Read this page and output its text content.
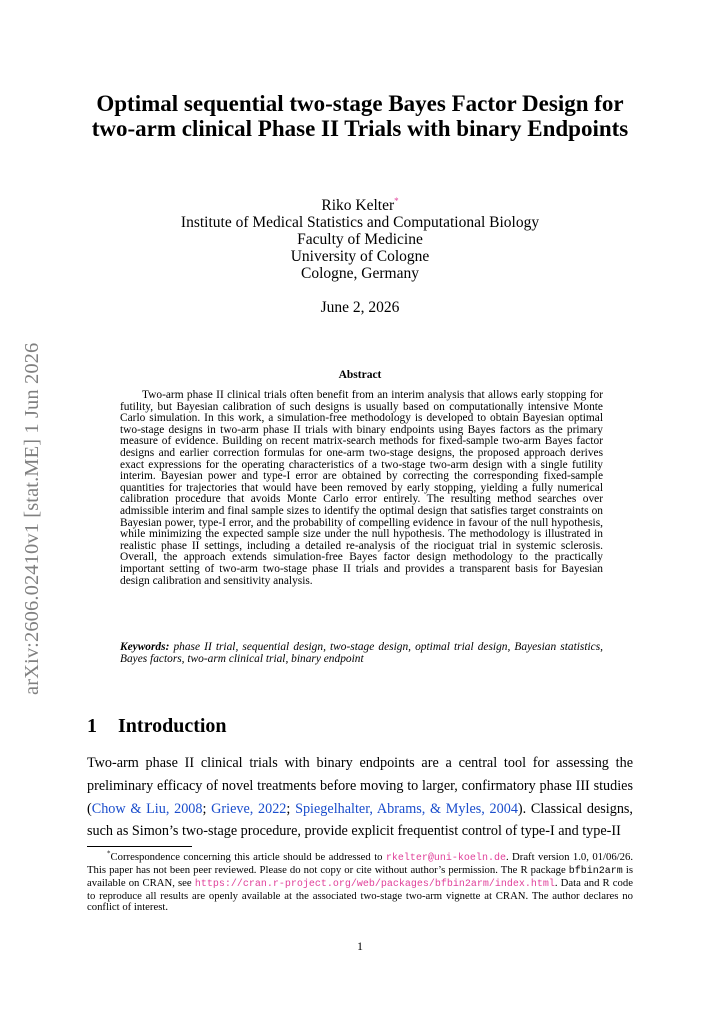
arXiv:2606.02410v1 [stat.ME] 1 Jun 2026
Optimal sequential two-stage Bayes Factor Design for two-arm clinical Phase II Trials with binary Endpoints
Riko Kelter*
Institute of Medical Statistics and Computational Biology
Faculty of Medicine
University of Cologne
Cologne, Germany
June 2, 2026
Abstract
Two-arm phase II clinical trials often benefit from an interim analysis that allows early stopping for futility, but Bayesian calibration of such designs is usually based on computationally intensive Monte Carlo simulation. In this work, a simulation-free methodology is developed to obtain Bayesian optimal two-stage designs in two-arm phase II trials with binary endpoints using Bayes factors as the primary measure of evidence. Building on recent matrix-search methods for fixed-sample two-arm Bayes factor designs and earlier correction formulas for one-arm two-stage designs, the proposed approach derives exact expressions for the operating characteristics of a two-stage two-arm design with a single futility interim. Bayesian power and type-I error are obtained by correcting the corresponding fixed-sample quantities for trajectories that would have been removed by early stopping, yielding a fully numerical calibration procedure that avoids Monte Carlo error entirely. The resulting method searches over admissible interim and final sample sizes to identify the optimal design that satisfies target constraints on Bayesian power, type-I error, and the probability of compelling evidence in favour of the null hypothesis, while minimizing the expected sample size under the null hypothesis. The methodology is illustrated in realistic phase II settings, including a detailed re-analysis of the riociguat trial in systemic sclerosis. Overall, the approach extends simulation-free Bayes factor design methodology to the practically important setting of two-arm two-stage phase II trials and provides a transparent basis for Bayesian design calibration and sensitivity analysis.
Keywords: phase II trial, sequential design, two-stage design, optimal trial design, Bayesian statistics, Bayes factors, two-arm clinical trial, binary endpoint
1 Introduction
Two-arm phase II clinical trials with binary endpoints are a central tool for assessing the preliminary efficacy of novel treatments before moving to larger, confirmatory phase III studies (Chow & Liu, 2008; Grieve, 2022; Spiegelhalter, Abrams, & Myles, 2004). Classical designs, such as Simon’s two-stage procedure, provide explicit frequentist control of type-I and type-II
*Correspondence concerning this article should be addressed to rkelter@uni-koeln.de. Draft version 1.0, 01/06/26. This paper has not been peer reviewed. Please do not copy or cite without author’s permission. The R package bfbin2arm is available on CRAN, see https://cran.r-project.org/web/packages/bfbin2arm/index.html. Data and R code to reproduce all results are openly available at the associated two-stage two-arm vignette at CRAN. The author declares no conflict of interest.
1
